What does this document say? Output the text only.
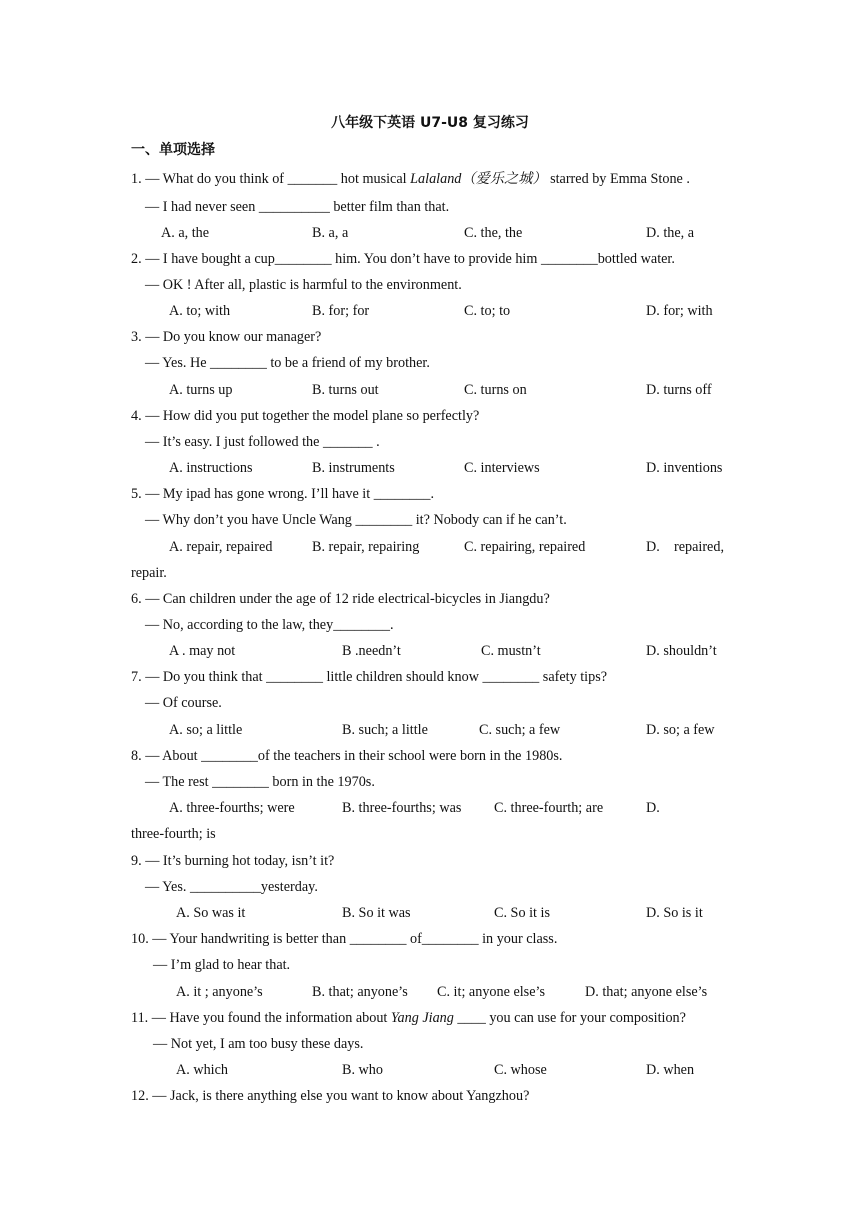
八年级下英语 U7-U8 复习练习
一、单项选择
1. — What do you think of _______ hot musical Lalaland（爱乐之城） starred by Emma Stone .
— I had never seen __________ better film than that.
A. a, the	B. a, a	C. the, the	D. the, a
2. — I have bought a cup________ him. You don’t have to provide him ________bottled water.
— OK ! After all, plastic is harmful to the environment.
A. to; with	B. for; for	C. to; to	D. for; with
3. — Do you know our manager?
— Yes. He ________ to be a friend of my brother.
A. turns up	B. turns out	C. turns on	D. turns off
4. — How did you put together the model plane so perfectly?
— It’s easy. I just followed the _______ .
A. instructions	B. instruments	C. interviews	D. inventions
5. — My ipad has gone wrong. I’ll have it ________.
— Why don’t you have Uncle Wang ________ it? Nobody can if he can’t.
A. repair, repaired	B. repair, repairing	C. repairing, repaired	D.    repaired,
repair.
6. — Can children under the age of 12 ride electrical-bicycles in Jiangdu?
— No, according to the law, they________.
A . may not	B .needn’t	C. mustn’t	D. shouldn’t
7. — Do you think that ________ little children should know ________ safety tips?
— Of course.
A. so; a little	B. such; a little	C. such; a few	D. so; a few
8. — About ________of the teachers in their school were born in the 1980s.
— The rest ________ born in the 1970s.
A. three-fourths; were	B. three-fourths; was C. three-fourth; are	D.
three-fourth; is
9. — It’s burning hot today, isn’t it?
— Yes. __________yesterday.
A. So was it	B. So it was	C. So it is	D. So is it
10. — Your handwriting is better than ________ of________ in your class.
— I’m glad to hear that.
A. it ; anyone’s	B. that; anyone’s C. it; anyone else’s	D. that; anyone else’s
11. — Have you found the information about Yang Jiang ____ you can use for your composition?
— Not yet, I am too busy these days.
A. which	B. who	C. whose	D. when
12. — Jack, is there anything else you want to know about Yangzhou?
